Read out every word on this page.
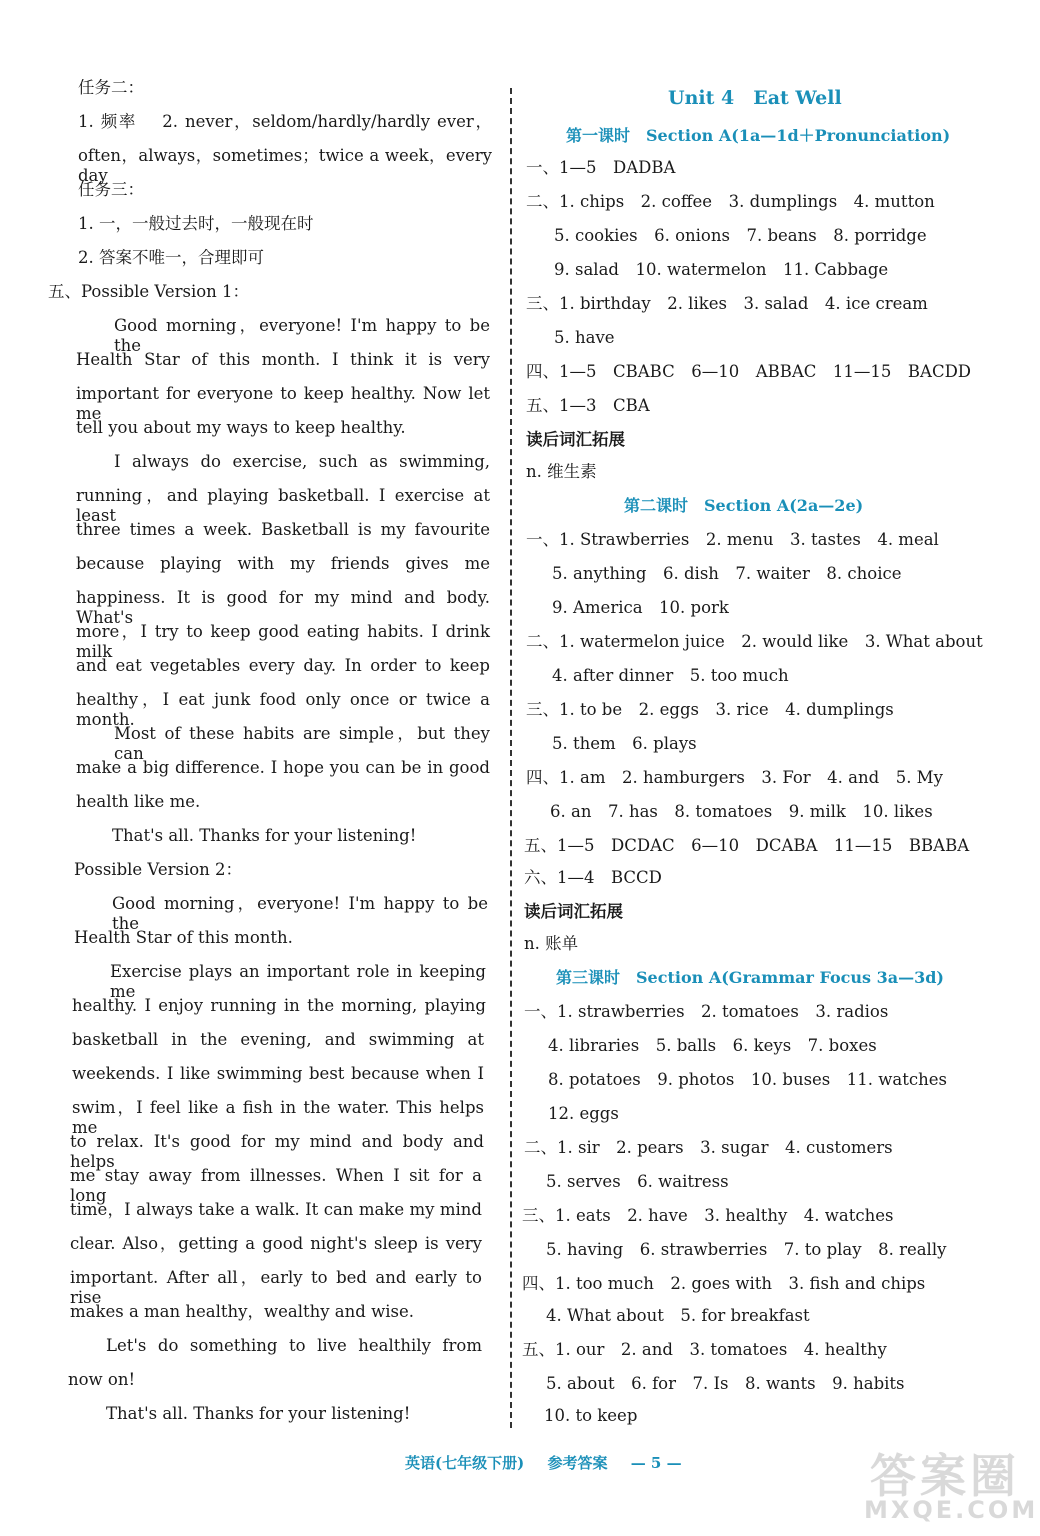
任务二：
1. 频率　 2. never，seldom/hardly/hardly ever，
often，always，sometimes；twice a week，every day
任务三：
1. 一，一般过去时，一般现在时
2. 答案不唯一，合理即可
五、Possible Version 1：
Good morning，everyone! I'm happy to be the
Health Star of this month. I think it is very
important for everyone to keep healthy. Now let me
tell you about my ways to keep healthy.
I always do exercise, such as swimming,
running，and playing basketball. I exercise at least
three times a week. Basketball is my favourite
because playing with my friends gives me
happiness. It is good for my mind and body. What's
more，I try to keep good eating habits. I drink milk
and eat vegetables every day. In order to keep
healthy，I eat junk food only once or twice a month.
Most of these habits are simple，but they can
make a big difference. I hope you can be in good
health like me.
That's all. Thanks for your listening!
Possible Version 2：
Good morning，everyone! I'm happy to be the
Health Star of this month.
Exercise plays an important role in keeping me
healthy. I enjoy running in the morning, playing
basketball in the evening, and swimming at
weekends. I like swimming best because when I
swim，I feel like a fish in the water. This helps me
to relax. It's good for my mind and body and helps
me stay away from illnesses. When I sit for a long
time，I always take a walk. It can make my mind
clear. Also，getting a good night's sleep is very
important. After all，early to bed and early to rise
makes a man healthy，wealthy and wise.
Let's do something to live healthily from
now on!
That's all. Thanks for your listening!
Unit 4　Eat Well
第一课时　Section A(1a—1d＋Pronunciation)
一、1—5　DADBA
二、1. chips　2. coffee　3. dumplings　4. mutton
5. cookies　6. onions　7. beans　8. porridge
9. salad　10. watermelon　11. Cabbage
三、1. birthday　2. likes　3. salad　4. ice cream
5. have
四、1—5　CBABC　6—10　ABBAC　11—15　BACDD
五、1—3　CBA
读后词汇拓展
n. 维生素
第二课时　Section A(2a—2e)
一、1. Strawberries　2. menu　3. tastes　4. meal
5. anything　6. dish　7. waiter　8. choice
9. America　10. pork
二、1. watermelon juice　2. would like　3. What about
4. after dinner　5. too much
三、1. to be　2. eggs　3. rice　4. dumplings
5. them　6. plays
四、1. am　2. hamburgers　3. For　4. and　5. My
6. an　7. has　8. tomatoes　9. milk　10. likes
五、1—5　DCDAC　6—10　DCABA　11—15　BBABA
六、1—4　BCCD
读后词汇拓展
n. 账单
第三课时　Section A(Grammar Focus 3a—3d)
一、1. strawberries　2. tomatoes　3. radios
4. libraries　5. balls　6. keys　7. boxes
8. potatoes　9. photos　10. buses　11. watches
12. eggs
二、1. sir　2. pears　3. sugar　4. customers
5. serves　6. waitress
三、1. eats　2. have　3. healthy　4. watches
5. having　6. strawberries　7. to play　8. really
四、1. too much　2. goes with　3. fish and chips
4. What about　5. for breakfast
五、1. our　2. and　3. tomatoes　4. healthy
5. about　6. for　7. Is　8. wants　9. habits
10. to keep
英语(七年级下册) 参考答案 — 5 —	答案圈
MXQE.COM
